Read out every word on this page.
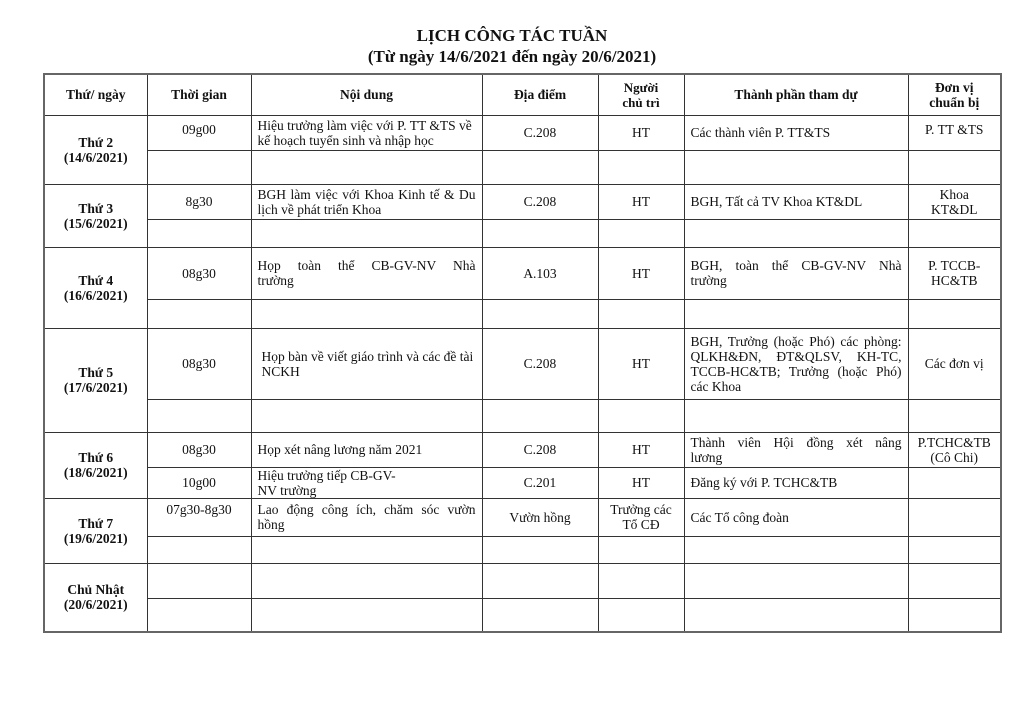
LỊCH CÔNG TÁC TUẦN
(Từ ngày 14/6/2021 đến ngày 20/6/2021)
Thứ/ ngày	Thời gian	Nội dung	Địa điểm	Người chủ trì	Thành phần tham dự	Đơn vị chuẩn bị

Thứ 2
(14/6/2021)	09g00	Hiệu trưởng làm việc với P. TT &TS về kế hoạch tuyển sinh và nhập học	C.208	HT	Các thành viên P. TT&TS	P. TT &TS

Thứ 3
(15/6/2021)	8g30	BGH làm việc với Khoa Kinh tế & Du lịch về phát triển Khoa	C.208	HT	BGH, Tất cả TV Khoa KT&DL	Khoa KT&DL

Thứ 4
(16/6/2021)	08g30	Họp toàn thể CB-GV-NV Nhà trường	A.103	HT	BGH, toàn thể CB-GV-NV Nhà trường	P. TCCB-HC&TB

Thứ 5
(17/6/2021)	08g30	Họp bàn về viết giáo trình và các đề tài NCKH	C.208	HT	BGH, Trưởng (hoặc Phó) các phòng: QLKH&ĐN, ĐT&QLSV, KH-TC, TCCB-HC&TB; Trưởng (hoặc Phó) các Khoa	Các đơn vị

Thứ 6
(18/6/2021)	08g30	Họp xét nâng lương năm 2021	C.208	HT	Thành viên Hội đồng xét nâng lương	P.TCHC&TB (Cô Chi)
	10g00	Hiệu trưởng tiếp CB-GV-NV trường	C.201	HT	Đăng ký với P. TCHC&TB	

Thứ 7
(19/6/2021)	07g30-8g30	Lao động công ích, chăm sóc vườn hồng	Vườn hồng	Trưởng các Tổ CĐ	Các Tổ công đoàn	

Chủ Nhật
(20/6/2021)						
